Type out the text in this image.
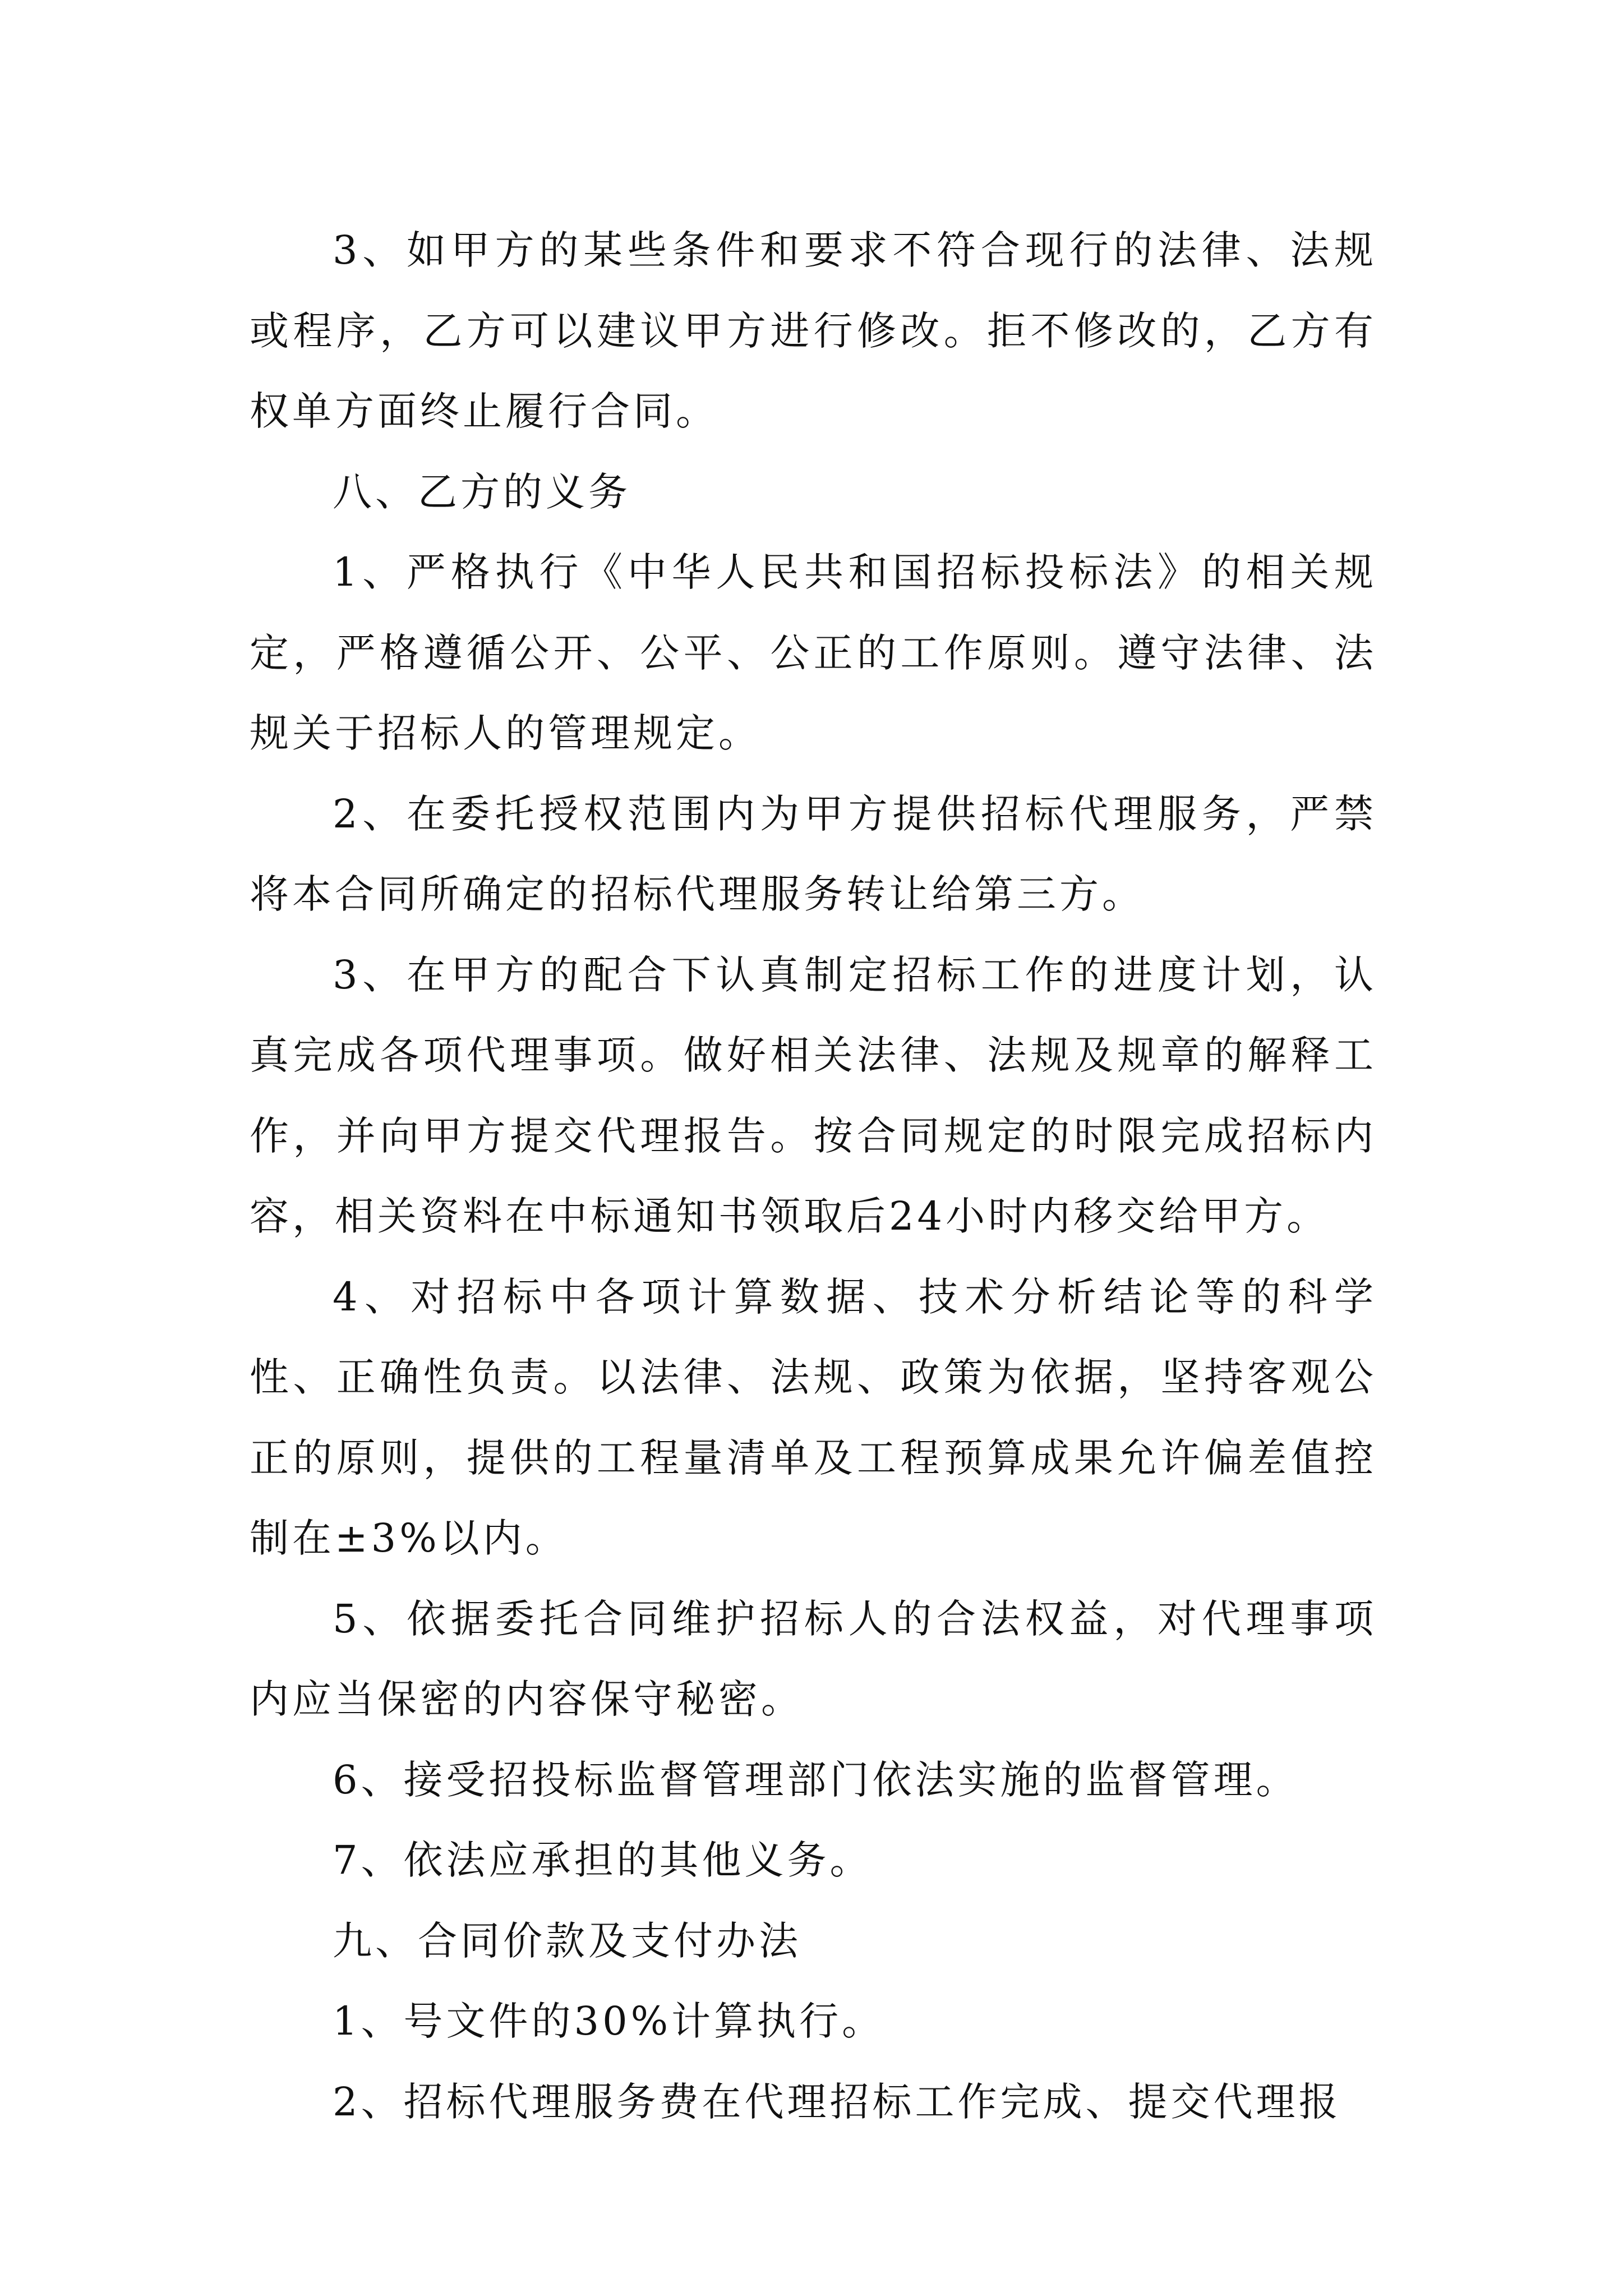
3、如甲方的某些条件和要求不符合现行的法律、法规或程序，乙方可以建议甲方进行修改。拒不修改的，乙方有权单方面终止履行合同。

八、乙方的义务

1、严格执行《中华人民共和国招标投标法》的相关规定，严格遵循公开、公平、公正的工作原则。遵守法律、法规关于招标人的管理规定。

2、在委托授权范围内为甲方提供招标代理服务，严禁将本合同所确定的招标代理服务转让给第三方。

3、在甲方的配合下认真制定招标工作的进度计划，认真完成各项代理事项。做好相关法律、法规及规章的解释工作，并向甲方提交代理报告。按合同规定的时限完成招标内容，相关资料在中标通知书领取后24小时内移交给甲方。

4、对招标中各项计算数据、技术分析结论等的科学性、正确性负责。以法律、法规、政策为依据，坚持客观公正的原则，提供的工程量清单及工程预算成果允许偏差值控制在±3%以内。

5、依据委托合同维护招标人的合法权益，对代理事项内应当保密的内容保守秘密。

6、接受招投标监督管理部门依法实施的监督管理。

7、依法应承担的其他义务。

九、合同价款及支付办法

1、号文件的30%计算执行。

2、招标代理服务费在代理招标工作完成、提交代理报
